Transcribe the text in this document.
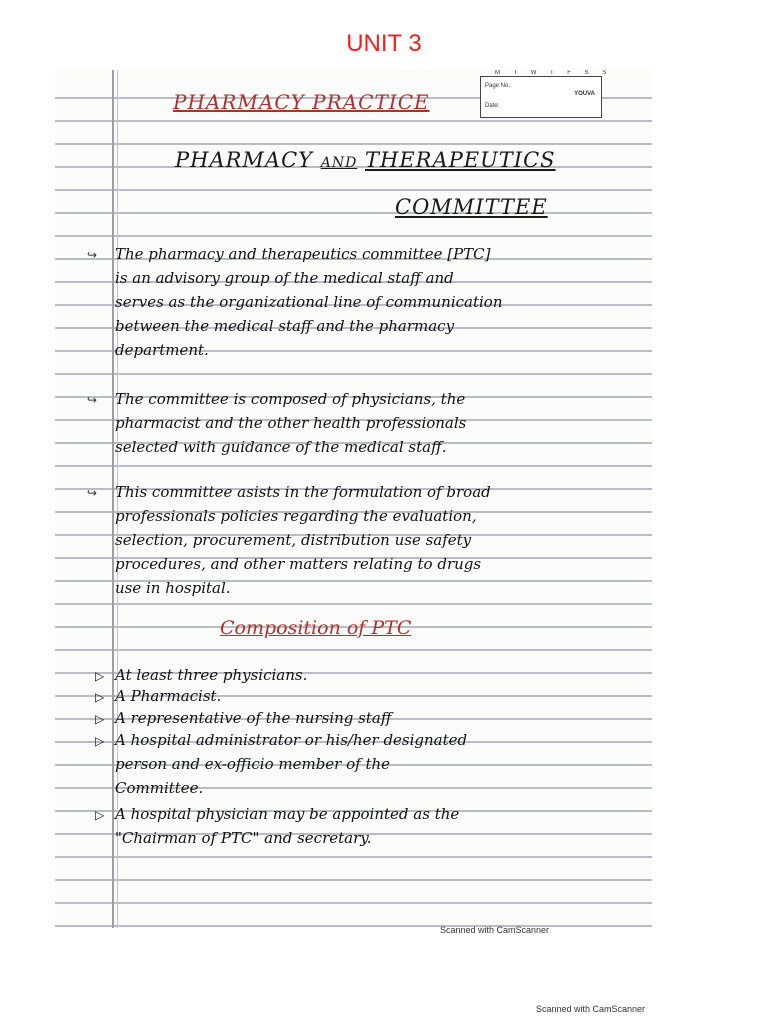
UNIT 3
M T W T F S S
Page No.:
Date:
YOUVA
PHARMACY PRACTICE
PHARMACY AND THERAPEUTICS
COMMITTEE
↪ The pharmacy and therapeutics committee [PTC]
is an advisory group of the medical staff and
serves as the organizational line of communication
between the medical staff and the pharmacy
department.
↪ The committee is composed of physicians, the
pharmacist and the other health professionals
selected with guidance of the medical staff.
↪ This committee asists in the formulation of broad
professionals policies regarding the evaluation,
selection, procurement, distribution use safety
procedures, and other matters relating to drugs
use in hospital.
Composition of PTC
▷ At least three physicians.
▷ A Pharmacist.
▷ A representative of the nursing staff
▷ A hospital administrator or his/her designated
person and ex-officio member of the
Committee.
▷ A hospital physician may be appointed as the
"Chairman of PTC" and secretary.
Scanned with CamScanner
Scanned with CamScanner
